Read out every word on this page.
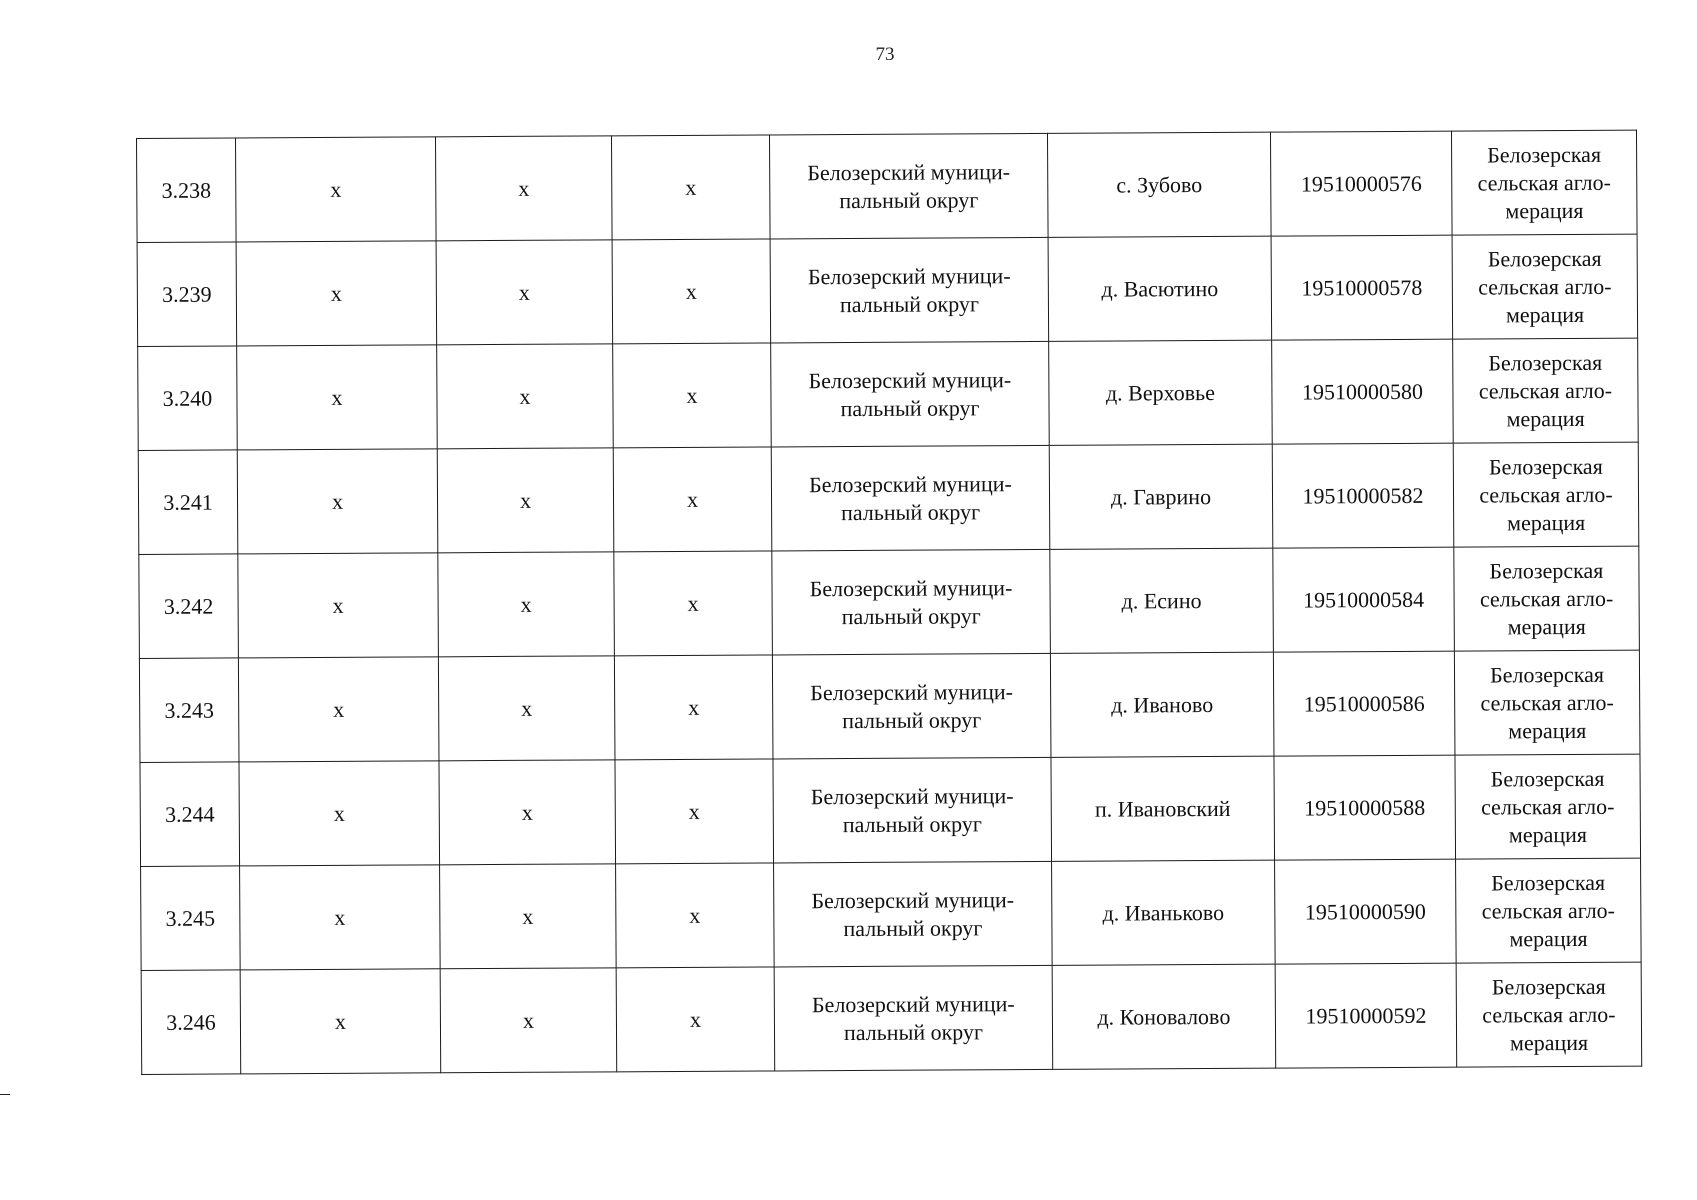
73
3.238	х	х	х	Белозерский муници-
пальный округ	с. Зубово	19510000576	Белозерская
сельская агло-
мерация

3.239	х	х	х	Белозерский муници-
пальный округ	д. Васютино	19510000578	Белозерская
сельская агло-
мерация

3.240	х	х	х	Белозерский муници-
пальный округ	д. Верховье	19510000580	Белозерская
сельская агло-
мерация

3.241	х	х	х	Белозерский муници-
пальный округ	д. Гаврино	19510000582	Белозерская
сельская агло-
мерация

3.242	х	х	х	Белозерский муници-
пальный округ	д. Есино	19510000584	Белозерская
сельская агло-
мерация

3.243	х	х	х	Белозерский муници-
пальный округ	д. Иваново	19510000586	Белозерская
сельская агло-
мерация

3.244	х	х	х	Белозерский муници-
пальный округ	п. Ивановский	19510000588	Белозерская
сельская агло-
мерация

3.245	х	х	х	Белозерский муници-
пальный округ	д. Иваньково	19510000590	Белозерская
сельская агло-
мерация

3.246	х	х	х	Белозерский муници-
пальный округ	д. Коноваловo	19510000592	Белозерская
сельская агло-
мерация
